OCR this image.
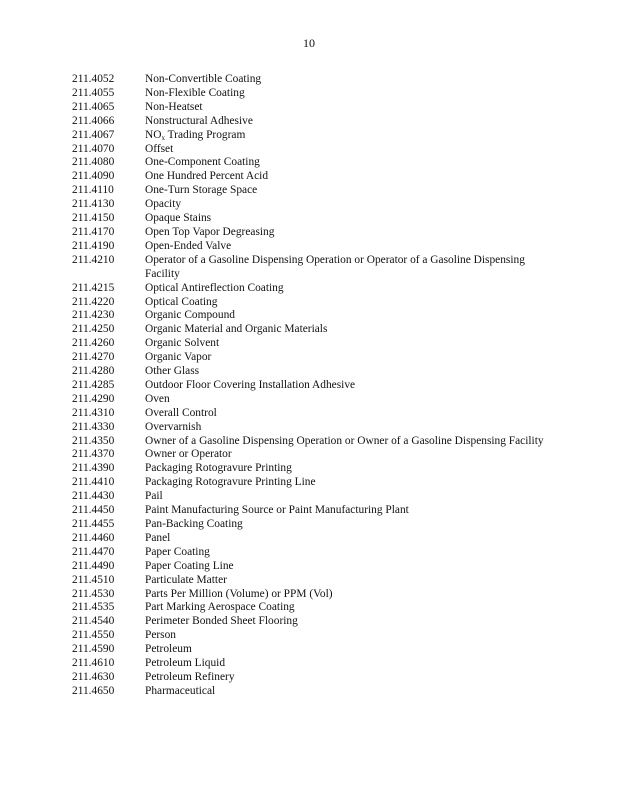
10
211.4052	Non-Convertible Coating
211.4055	Non-Flexible Coating
211.4065	Non-Heatset
211.4066	Nonstructural Adhesive
211.4067	$NO_x$ Trading Program
211.4070	Offset
211.4080	One-Component Coating
211.4090	One Hundred Percent Acid
211.4110	One-Turn Storage Space
211.4130	Opacity
211.4150	Opaque Stains
211.4170	Open Top Vapor Degreasing
211.4190	Open-Ended Valve
211.4210	Operator of a Gasoline Dispensing Operation or Operator of a Gasoline Dispensing Facility
211.4215	Optical Antireflection Coating
211.4220	Optical Coating
211.4230	Organic Compound
211.4250	Organic Material and Organic Materials
211.4260	Organic Solvent
211.4270	Organic Vapor
211.4280	Other Glass
211.4285	Outdoor Floor Covering Installation Adhesive
211.4290	Oven
211.4310	Overall Control
211.4330	Overvarnish
211.4350	Owner of a Gasoline Dispensing Operation or Owner of a Gasoline Dispensing Facility
211.4370	Owner or Operator
211.4390	Packaging Rotogravure Printing
211.4410	Packaging Rotogravure Printing Line
211.4430	Pail
211.4450	Paint Manufacturing Source or Paint Manufacturing Plant
211.4455	Pan-Backing Coating
211.4460	Panel
211.4470	Paper Coating
211.4490	Paper Coating Line
211.4510	Particulate Matter
211.4530	Parts Per Million (Volume) or PPM (Vol)
211.4535	Part Marking Aerospace Coating
211.4540	Perimeter Bonded Sheet Flooring
211.4550	Person
211.4590	Petroleum
211.4610	Petroleum Liquid
211.4630	Petroleum Refinery
211.4650	Pharmaceutical
